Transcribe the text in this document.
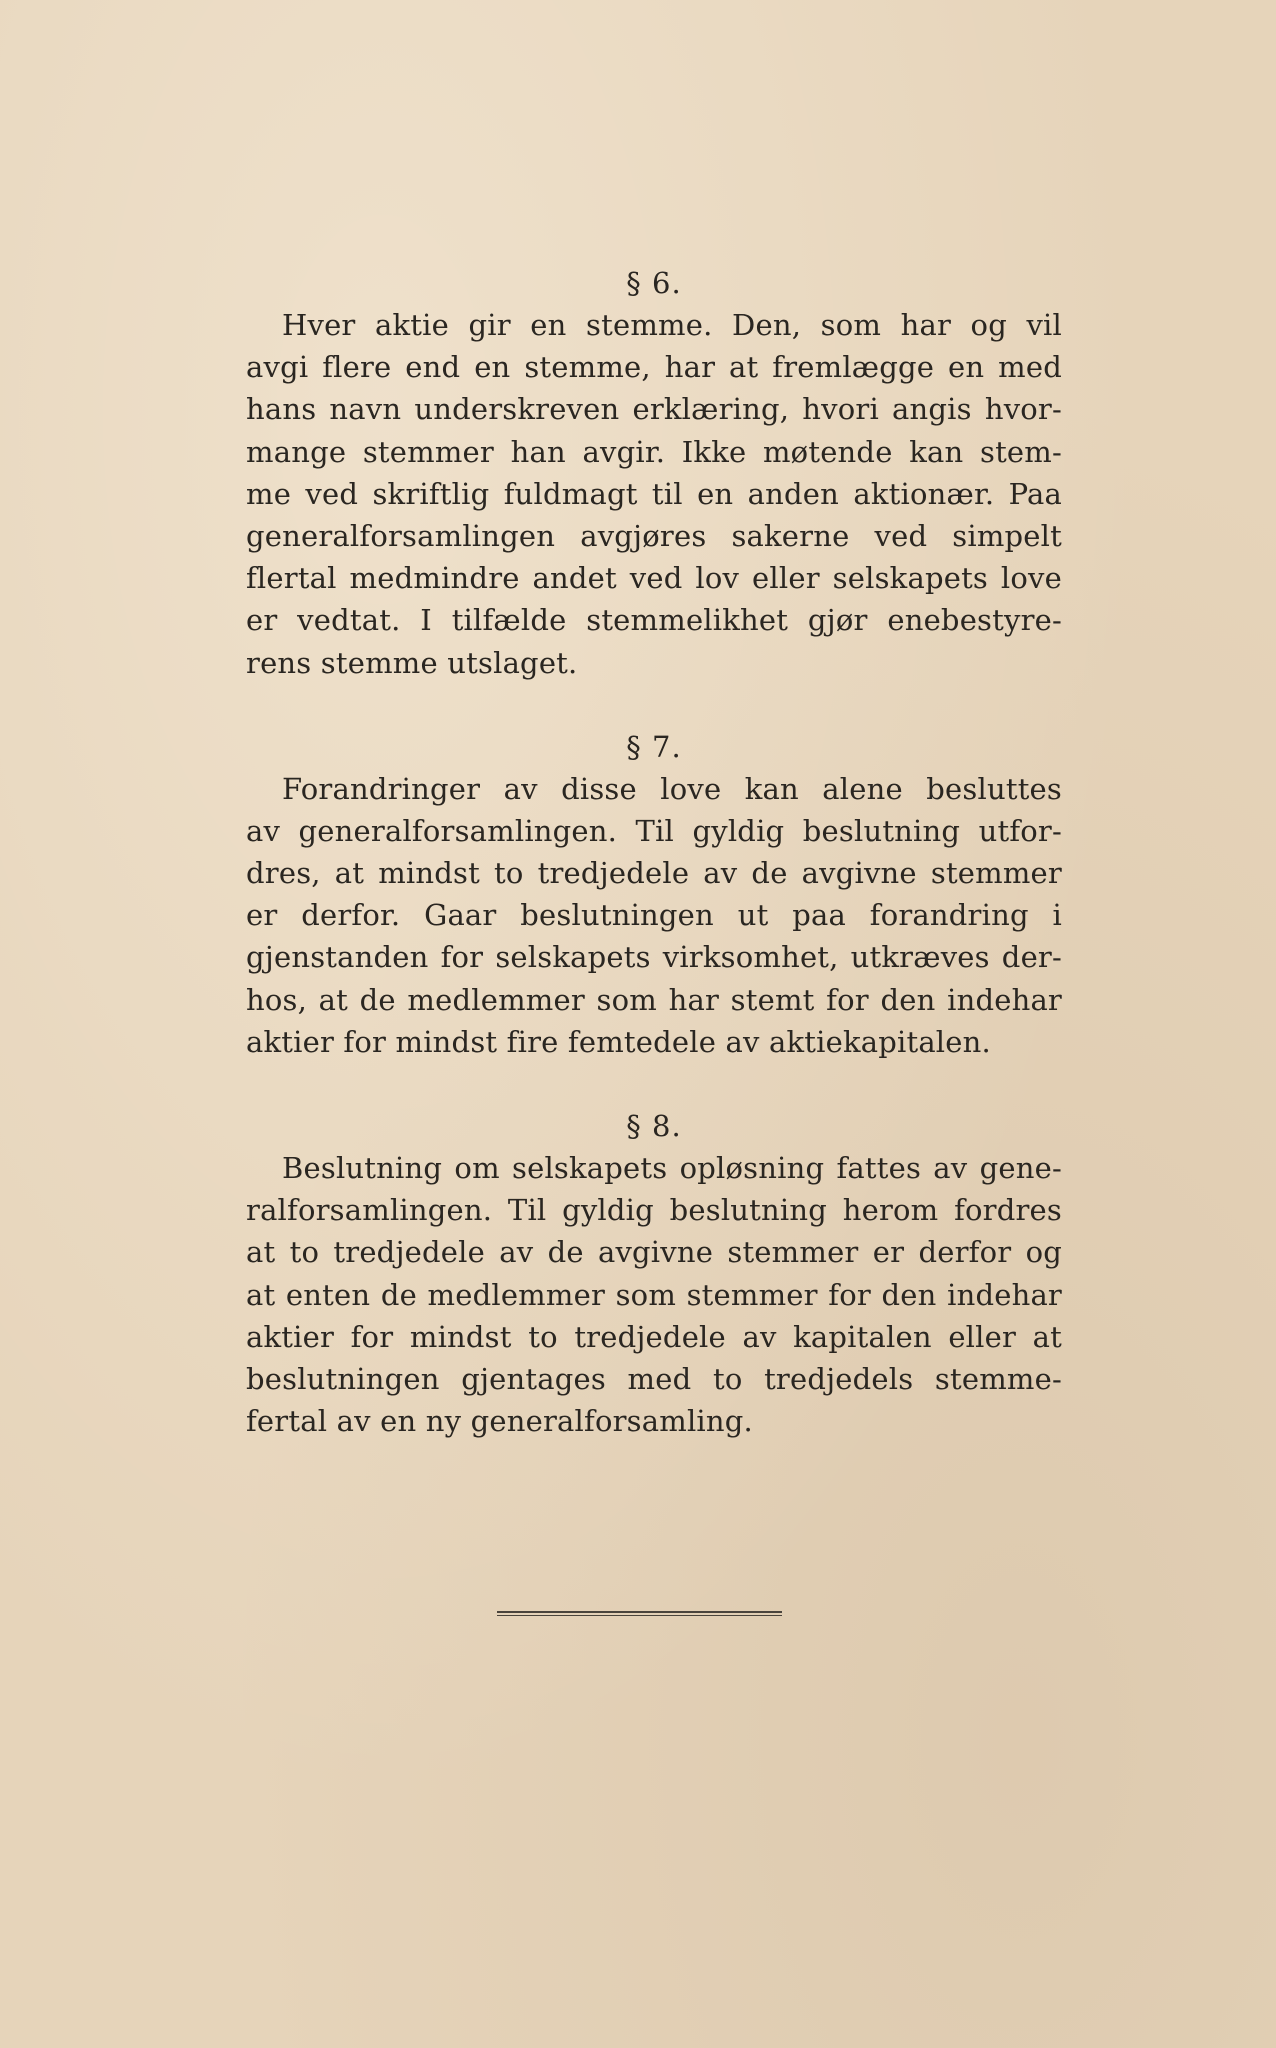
§ 6.
Hver aktie gir en stemme. Den, som har og vil
avgi flere end en stemme, har at fremlægge en med
hans navn underskreven erklæring, hvori angis hvor-
mange stemmer han avgir. Ikke møtende kan stem-
me ved skriftlig fuldmagt til en anden aktionær. Paa
generalforsamlingen avgjøres sakerne ved simpelt
flertal medmindre andet ved lov eller selskapets love
er vedtat. I tilfælde stemmelikhet gjør enebestyre-
rens stemme utslaget.
§ 7.
Forandringer av disse love kan alene besluttes
av generalforsamlingen. Til gyldig beslutning utfor-
dres, at mindst to tredjedele av de avgivne stemmer
er derfor. Gaar beslutningen ut paa forandring i
gjenstanden for selskapets virksomhet, utkræves der-
hos, at de medlemmer som har stemt for den indehar
aktier for mindst fire femtedele av aktiekapitalen.
§ 8.
Beslutning om selskapets opløsning fattes av gene-
ralforsamlingen. Til gyldig beslutning herom fordres
at to tredjedele av de avgivne stemmer er derfor og
at enten de medlemmer som stemmer for den indehar
aktier for mindst to tredjedele av kapitalen eller at
beslutningen gjentages med to tredjedels stemme-
fertal av en ny generalforsamling.
